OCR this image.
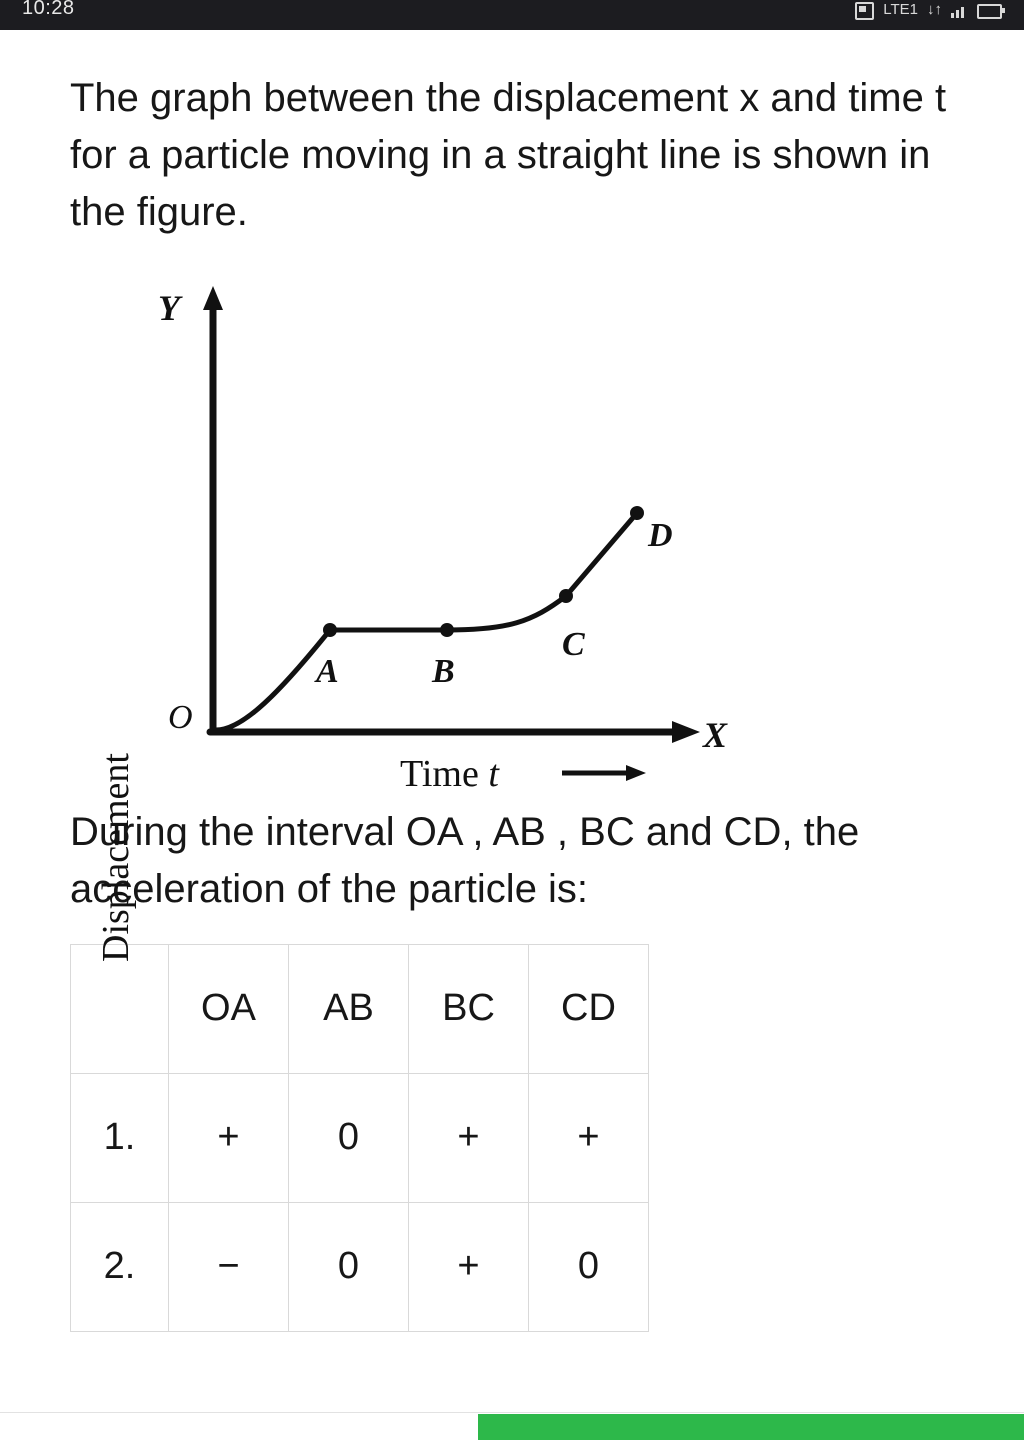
10:28	LTE1 ↓↑
The graph between the displacement x and time t for a particle moving in a straight line is shown in the figure.
Y
X
O
A	B
C
D
Displacement	Time t
During the interval OA , AB , BC and CD, the acceleration of the particle is:
	OA	AB	BC	CD
1.	+	0	+	+
2.	−	0	+	0
